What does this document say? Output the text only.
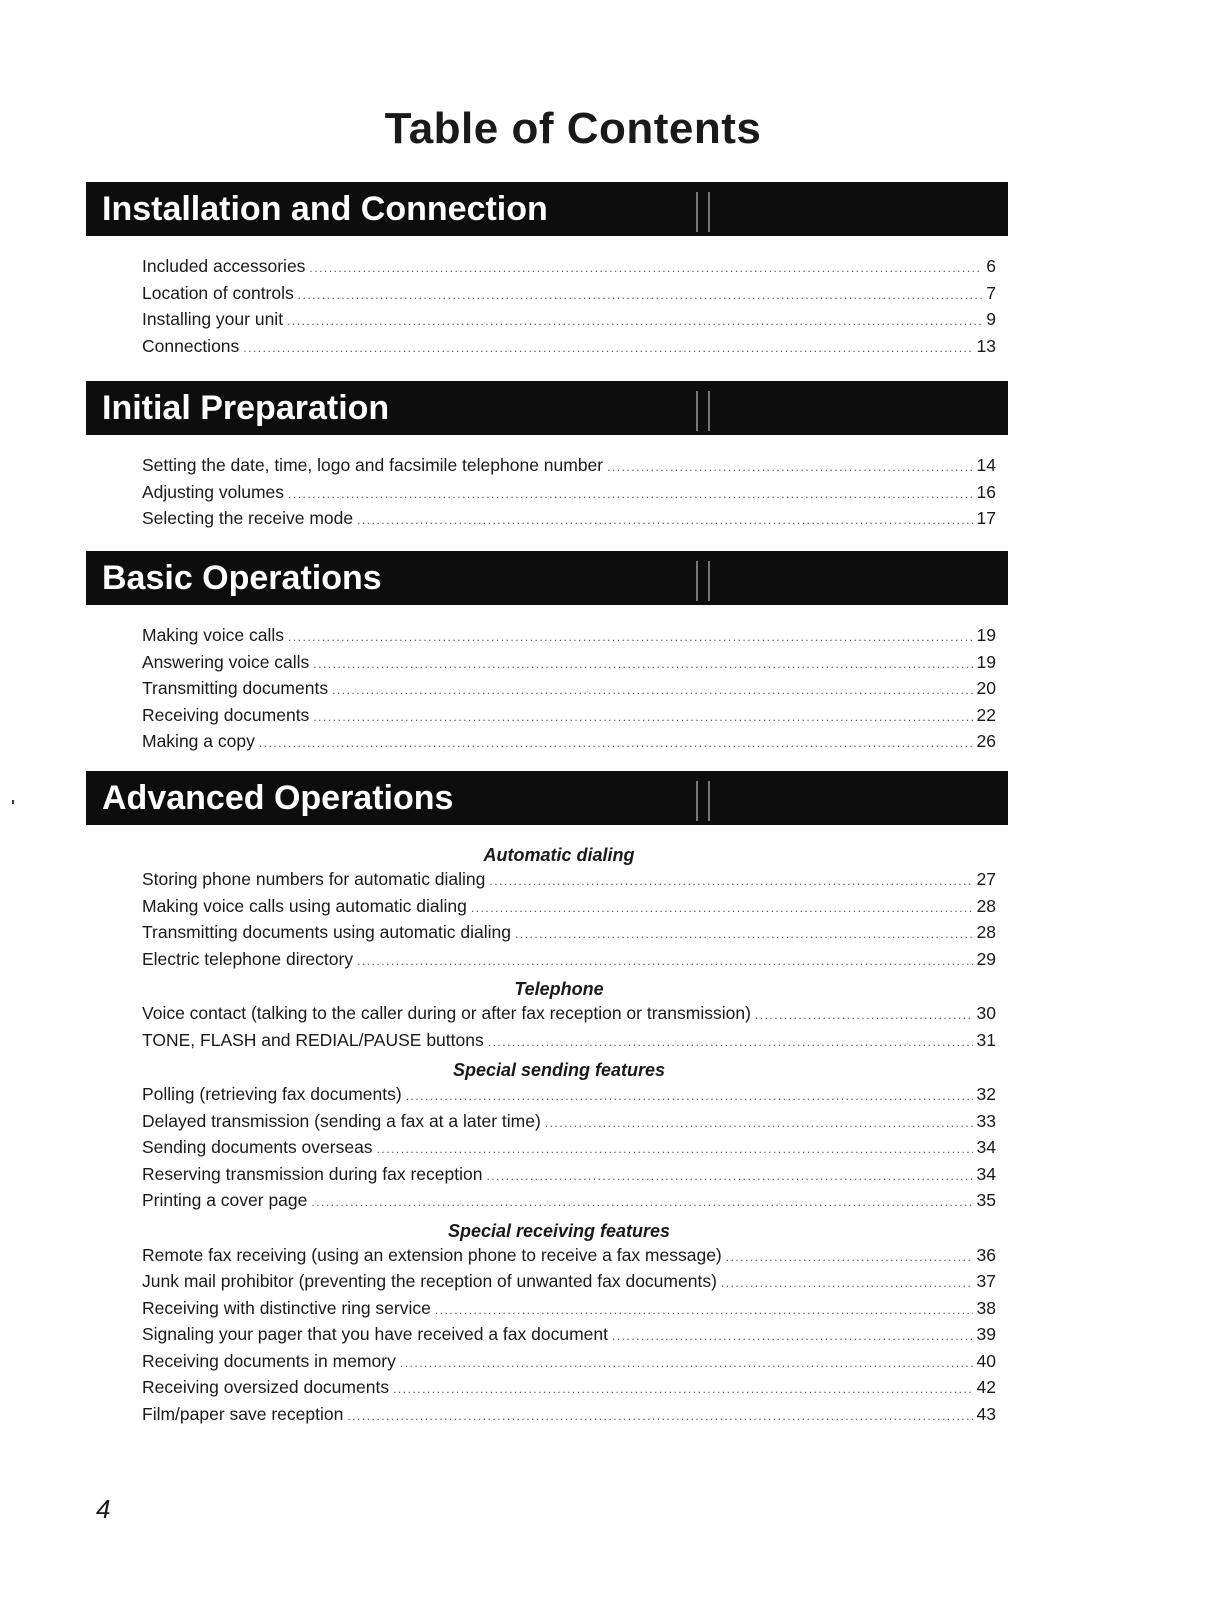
Table of Contents
Installation and Connection
Included accessories .....	6
Location of controls .....	7
Installing your unit .....	9
Connections .....	13
Initial Preparation
Setting the date, time, logo and facsimile telephone number .....	14
Adjusting volumes .....	16
Selecting the receive mode .....	17
Basic Operations
Making voice calls .....	19
Answering voice calls .....	19
Transmitting documents .....	20
Receiving documents .....	22
Making a copy .....	26
Advanced Operations
Automatic dialing
Storing phone numbers for automatic dialing .....	27
Making voice calls using automatic dialing .....	28
Transmitting documents using automatic dialing .....	28
Electric telephone directory .....	29
Telephone
Voice contact (talking to the caller during or after fax reception or transmission) .....	30
TONE, FLASH and REDIAL/PAUSE buttons .....	31
Special sending features
Polling (retrieving fax documents) .....	32
Delayed transmission (sending a fax at a later time) .....	33
Sending documents overseas .....	34
Reserving transmission during fax reception .....	34
Printing a cover page .....	35
Special receiving features
Remote fax receiving (using an extension phone to receive a fax message) .....	36
Junk mail prohibitor (preventing the reception of unwanted fax documents) .....	37
Receiving with distinctive ring service .....	38
Signaling your pager that you have received a fax document .....	39
Receiving documents in memory .....	40
Receiving oversized documents .....	42
Film/paper save reception .....	43
4
